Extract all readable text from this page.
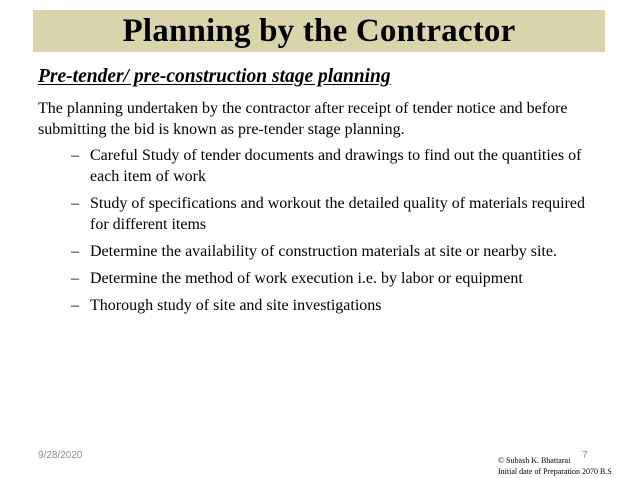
Planning by the Contractor
Pre-tender/ pre-construction stage planning

The planning undertaken by the contractor after receipt of tender notice and before submitting the bid is known as pre-tender stage planning.

– Careful Study of tender documents and drawings to find out the quantities of each item of work
– Study of specifications and workout the detailed quality of materials required for different items
– Determine the availability of construction materials at site or nearby site.
– Determine the method of work execution i.e. by labor or equipment
– Thorough study of site and site investigations
9/28/2020	7
© Subash K. Bhattarai
Initial date of Preparation 2070 B.S
